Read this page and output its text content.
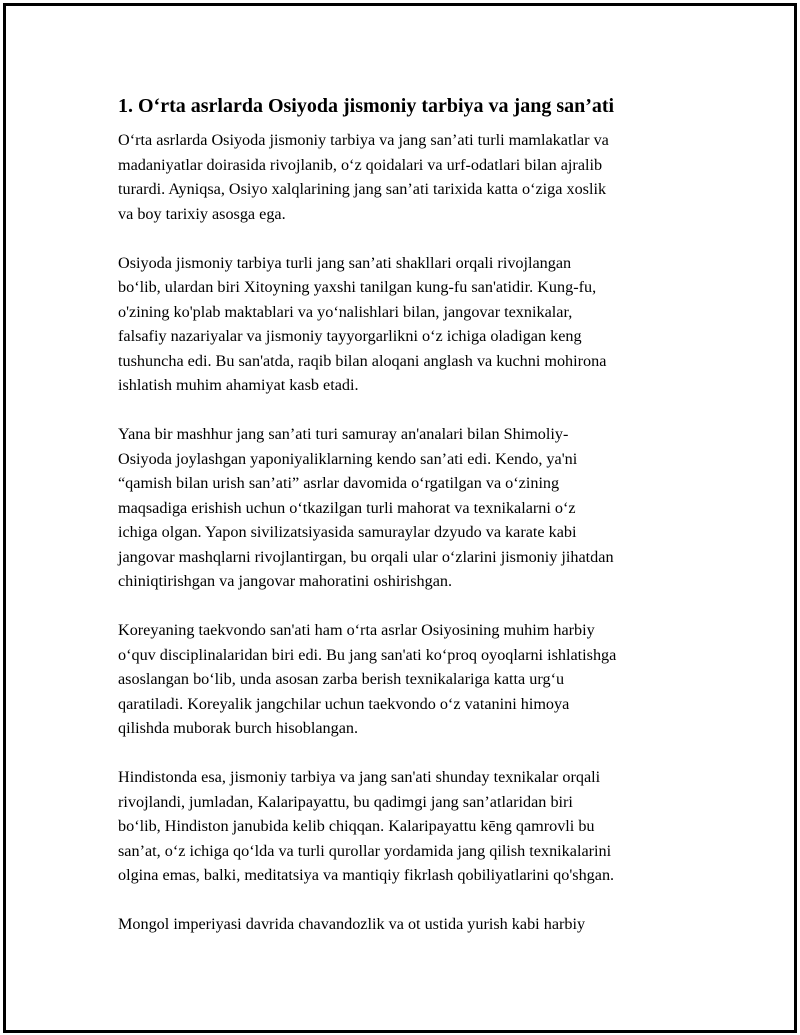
1. O‘rta asrlarda Osiyoda jismoniy tarbiya va jang san’ati

O‘rta asrlarda Osiyoda jismoniy tarbiya va jang san’ati turli mamlakatlar va
madaniyatlar doirasida rivojlanib, o‘z qoidalari va urf-odatlari bilan ajralib
turardi. Ayniqsa, Osiyo xalqlarining jang san’ati tarixida katta o‘ziga xoslik
va boy tarixiy asosga ega.

Osiyoda jismoniy tarbiya turli jang san’ati shakllari orqali rivojlangan
bo‘lib, ulardan biri Xitoyning yaxshi tanilgan kung-fu san'atidir. Kung-fu,
o'zining ko'plab maktablari va yo‘nalishlari bilan, jangovar texnikalar,
falsafiy nazariyalar va jismoniy tayyorgarlikni o‘z ichiga oladigan keng
tushuncha edi. Bu san'atda, raqib bilan aloqani anglash va kuchni mohirona
ishlatish muhim ahamiyat kasb etadi.

Yana bir mashhur jang san’ati turi samuray an'analari bilan Shimoliy-
Osiyoda joylashgan yaponiyaliklarning kendo san’ati edi. Kendo, ya'ni
“qamish bilan urish san’ati” asrlar davomida o‘rgatilgan va o‘zining
maqsadiga erishish uchun o‘tkazilgan turli mahorat va texnikalarni o‘z
ichiga olgan. Yapon sivilizatsiyasida samuraylar dzyudo va karate kabi
jangovar mashqlarni rivojlantirgan, bu orqali ular o‘zlarini jismoniy jihatdan
chiniqtirishgan va jangovar mahoratini oshirishgan.

Koreyaning taekvondo san'ati ham o‘rta asrlar Osiyosining muhim harbiy
o‘quv disciplinalaridan biri edi. Bu jang san'ati ko‘proq oyoqlarni ishlatishga
asoslangan bo‘lib, unda asosan zarba berish texnikalariga katta urg‘u
qaratiladi. Koreyalik jangchilar uchun taekvondo o‘z vatanini himoya
qilishda muborak burch hisoblangan.

Hindistonda esa, jismoniy tarbiya va jang san'ati shunday texnikalar orqali
rivojlandi, jumladan, Kalaripayattu, bu qadimgi jang san’atlaridan biri
bo‘lib, Hindiston janubida kelib chiqqan. Kalaripayattu kēng qamrovli bu
san’at, o‘z ichiga qo‘lda va turli qurollar yordamida jang qilish texnikalarini
olgina emas, balki, meditatsiya va mantiqiy fikrlash qobiliyatlarini qo'shgan.

Mongol imperiyasi davrida chavandozlik va ot ustida yurish kabi harbiy
